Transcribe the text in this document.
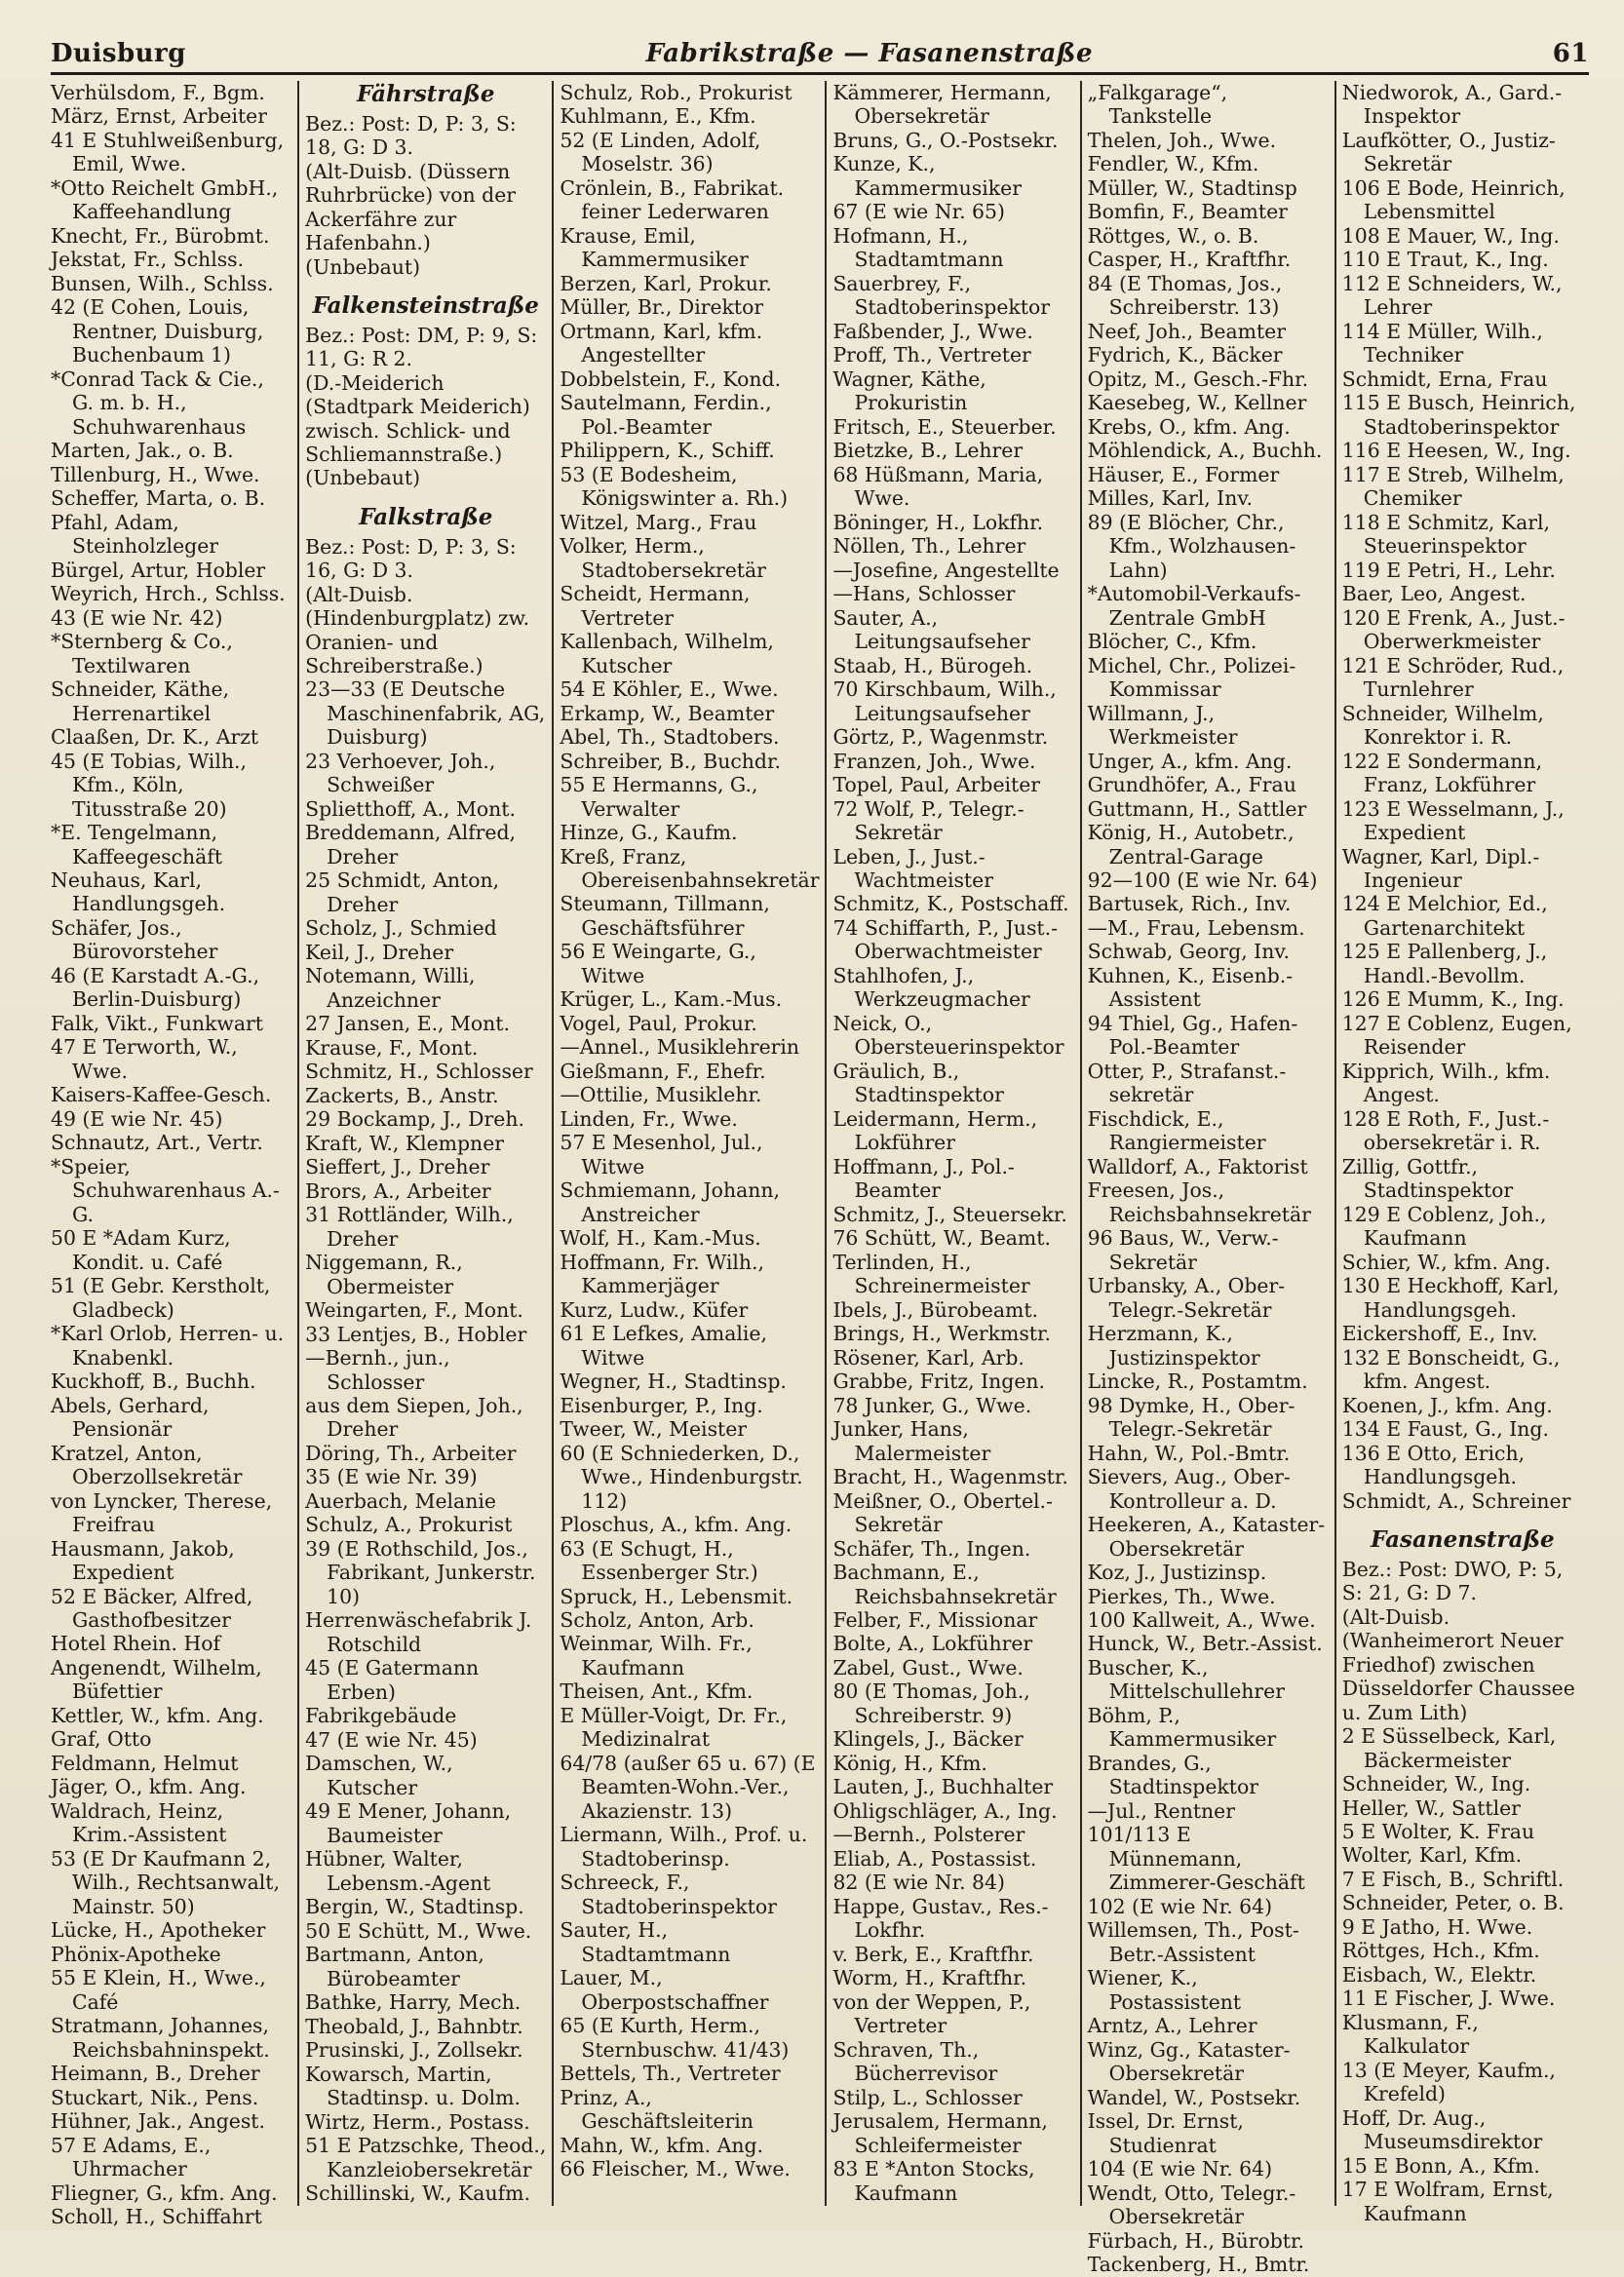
Duisburg	Fabrikstraße — Fasanenstraße	61
Verhülsdom, F., Bgm.
März, Ernst, Arbeiter
41 E Stuhlweißenburg, Emil, Wwe.
*Otto Reichelt GmbH., Kaffeehandlung
Knecht, Fr., Bürobmt.
Jekstat, Fr., Schlss.
Bunsen, Wilh., Schlss.
42 (E Cohen, Louis, Rentner, Duisburg, Buchenbaum 1)
*Conrad Tack & Cie., G. m. b. H., Schuhwarenhaus
Marten, Jak., o. B.
Tillenburg, H., Wwe.
Scheffer, Marta, o. B.
Pfahl, Adam, Steinholzleger
Bürgel, Artur, Hobler
Weyrich, Hrch., Schlss.
43 (E wie Nr. 42)
*Sternberg & Co., Textilwaren
Schneider, Käthe, Herrenartikel
Claaßen, Dr. K., Arzt
45 (E Tobias, Wilh., Kfm., Köln, Titusstraße 20)
*E. Tengelmann, Kaffeegeschäft
Neuhaus, Karl, Handlungsgeh.
Schäfer, Jos., Bürovorsteher
46 (E Karstadt A.-G., Berlin-Duisburg)
Falk, Vikt., Funkwart
47 E Terworth, W., Wwe.
Kaisers-Kaffee-Gesch.
49 (E wie Nr. 45)
Schnautz, Art., Vertr.
*Speier, Schuhwarenhaus A.-G.
50 E *Adam Kurz, Kondit. u. Café
51 (E Gebr. Kerstholt, Gladbeck)
*Karl Orlob, Herren- u. Knabenkl.
Kuckhoff, B., Buchh.
Abels, Gerhard, Pensionär
Kratzel, Anton, Oberzollsekretär
von Lyncker, Therese, Freifrau
Hausmann, Jakob, Expedient
52 E Bäcker, Alfred, Gasthofbesitzer
Hotel Rhein. Hof
Angenendt, Wilhelm, Büfettier
Kettler, W., kfm. Ang.
Graf, Otto
Feldmann, Helmut
Jäger, O., kfm. Ang.
Waldrach, Heinz, Krim.-Assistent
53 (E Dr Kaufmann 2, Wilh., Rechtsanwalt, Mainstr. 50)
Lücke, H., Apotheker
Phönix-Apotheke
55 E Klein, H., Wwe., Café
Stratmann, Johannes, Reichsbahninspekt.
Heimann, B., Dreher
Stuckart, Nik., Pens.
Hühner, Jak., Angest.
57 E Adams, E., Uhrmacher
Fliegner, G., kfm. Ang.
Scholl, H., Schiffahrt
Fährstraße
Bez.: Post: D, P: 3, S: 18, G: D 3.
(Alt-Duisb. (Düssern Ruhrbrücke) von der Ackerfähre zur Hafenbahn.)
(Unbebaut)
Falkensteinstraße
Bez.: Post: DM, P: 9, S: 11, G: R 2.
(D.-Meiderich (Stadtpark Meiderich) zwisch. Schlick- und Schliemannstraße.)
(Unbebaut)
Falkstraße
Bez.: Post: D, P: 3, S: 16, G: D 3.
(Alt-Duisb. (Hindenburgplatz) zw. Oranien- und Schreiberstraße.)
23—33 (E Deutsche Maschinenfabrik, AG, Duisburg)
23 Verhoever, Joh., Schweißer
Splietthoff, A., Mont.
Breddemann, Alfred, Dreher
25 Schmidt, Anton, Dreher
Scholz, J., Schmied
Keil, J., Dreher
Notemann, Willi, Anzeichner
27 Jansen, E., Mont.
Krause, F., Mont.
Schmitz, H., Schlosser
Zackerts, B., Anstr.
29 Bockamp, J., Dreh.
Kraft, W., Klempner
Sieffert, J., Dreher
Brors, A., Arbeiter
31 Rottländer, Wilh., Dreher
Niggemann, R., Obermeister
Weingarten, F., Mont.
33 Lentjes, B., Hobler
—Bernh., jun., Schlosser
aus dem Siepen, Joh., Dreher
Döring, Th., Arbeiter
35 (E wie Nr. 39)
Auerbach, Melanie
Schulz, A., Prokurist
39 (E Rothschild, Jos., Fabrikant, Junkerstr. 10)
Herrenwäschefabrik J. Rotschild
45 (E Gatermann Erben)
Fabrikgebäude
47 (E wie Nr. 45)
Damschen, W., Kutscher
49 E Mener, Johann, Baumeister
Hübner, Walter, Lebensm.-Agent
Bergin, W., Stadtinsp.
50 E Schütt, M., Wwe.
Bartmann, Anton, Bürobeamter
Bathke, Harry, Mech.
Theobald, J., Bahnbtr.
Prusinski, J., Zollsekr.
Kowarsch, Martin, Stadtinsp. u. Dolm.
Wirtz, Herm., Postass.
51 E Patzschke, Theod., Kanzleiobersekretär
Schillinski, W., Kaufm.
Schulz, Rob., Prokurist
Kuhlmann, E., Kfm.
52 (E Linden, Adolf, Moselstr. 36)
Crönlein, B., Fabrikat. feiner Lederwaren
Krause, Emil, Kammermusiker
Berzen, Karl, Prokur.
Müller, Br., Direktor
Ortmann, Karl, kfm. Angestellter
Dobbelstein, F., Kond.
Sautelmann, Ferdin., Pol.-Beamter
Philippern, K., Schiff.
53 (E Bodesheim, Königswinter a. Rh.)
Witzel, Marg., Frau
Volker, Herm., Stadtobersekretär
Scheidt, Hermann, Vertreter
Kallenbach, Wilhelm, Kutscher
54 E Köhler, E., Wwe.
Erkamp, W., Beamter
Abel, Th., Stadtobers.
Schreiber, B., Buchdr.
55 E Hermanns, G., Verwalter
Hinze, G., Kaufm.
Kreß, Franz, Obereisenbahnsekretär
Steumann, Tillmann, Geschäftsführer
56 E Weingarte, G., Witwe
Krüger, L., Kam.-Mus.
Vogel, Paul, Prokur.
—Annel., Musiklehrerin
Gießmann, F., Ehefr.
—Ottilie, Musiklehr.
Linden, Fr., Wwe.
57 E Mesenhol, Jul., Witwe
Schmiemann, Johann, Anstreicher
Wolf, H., Kam.-Mus.
Hoffmann, Fr. Wilh., Kammerjäger
Kurz, Ludw., Küfer
61 E Lefkes, Amalie, Witwe
Wegner, H., Stadtinsp.
Eisenburger, P., Ing.
Tweer, W., Meister
60 (E Schniederken, D., Wwe., Hindenburgstr. 112)
Ploschus, A., kfm. Ang.
63 (E Schugt, H., Essenberger Str.)
Spruck, H., Lebensmit.
Scholz, Anton, Arb.
Weinmar, Wilh. Fr., Kaufmann
Theisen, Ant., Kfm.
E Müller-Voigt, Dr. Fr., Medizinalrat
64/78 (außer 65 u. 67) (E Beamten-Wohn.-Ver., Akazienstr. 13)
Liermann, Wilh., Prof. u. Stadtoberinsp.
Schreeck, F., Stadtoberinspektor
Sauter, H., Stadtamtmann
Lauer, M., Oberpostschaffner
65 (E Kurth, Herm., Sternbuschw. 41/43)
Bettels, Th., Vertreter
Prinz, A., Geschäftsleiterin
Mahn, W., kfm. Ang.
66 Fleischer, M., Wwe.
Kämmerer, Hermann, Obersekretär
Bruns, G., O.-Postsekr.
Kunze, K., Kammermusiker
67 (E wie Nr. 65)
Hofmann, H., Stadtamtmann
Sauerbrey, F., Stadtoberinspektor
Faßbender, J., Wwe.
Proff, Th., Vertreter
Wagner, Käthe, Prokuristin
Fritsch, E., Steuerber.
Bietzke, B., Lehrer
68 Hüßmann, Maria, Wwe.
Böninger, H., Lokfhr.
Nöllen, Th., Lehrer
—Josefine, Angestellte
—Hans, Schlosser
Sauter, A., Leitungsaufseher
Staab, H., Bürogeh.
70 Kirschbaum, Wilh., Leitungsaufseher
Görtz, P., Wagenmstr.
Franzen, Joh., Wwe.
Topel, Paul, Arbeiter
72 Wolf, P., Telegr.-Sekretär
Leben, J., Just.-Wachtmeister
Schmitz, K., Postschaff.
74 Schiffarth, P., Just.-Oberwachtmeister
Stahlhofen, J., Werkzeugmacher
Neick, O., Obersteuerinspektor
Gräulich, B., Stadtinspektor
Leidermann, Herm., Lokführer
Hoffmann, J., Pol.-Beamter
Schmitz, J., Steuersekr.
76 Schütt, W., Beamt.
Terlinden, H., Schreinermeister
Ibels, J., Bürobeamt.
Brings, H., Werkmstr.
Rösener, Karl, Arb.
Grabbe, Fritz, Ingen.
78 Junker, G., Wwe.
Junker, Hans, Malermeister
Bracht, H., Wagenmstr.
Meißner, O., Obertel.-Sekretär
Schäfer, Th., Ingen.
Bachmann, E., Reichsbahnsekretär
Felber, F., Missionar
Bolte, A., Lokführer
Zabel, Gust., Wwe.
80 (E Thomas, Joh., Schreiberstr. 9)
Klingels, J., Bäcker
König, H., Kfm.
Lauten, J., Buchhalter
Ohligschläger, A., Ing.
—Bernh., Polsterer
Eliab, A., Postassist.
82 (E wie Nr. 84)
Happe, Gustav., Res.-Lokfhr.
v. Berk, E., Kraftfhr.
Worm, H., Kraftfhr.
von der Weppen, P., Vertreter
Schraven, Th., Bücherrevisor
Stilp, L., Schlosser
Jerusalem, Hermann, Schleifermeister
83 E *Anton Stocks, Kaufmann
„Falkgarage“, Tankstelle
Thelen, Joh., Wwe.
Fendler, W., Kfm.
Müller, W., Stadtinsp
Bomfin, F., Beamter
Röttges, W., o. B.
Casper, H., Kraftfhr.
84 (E Thomas, Jos., Schreiberstr. 13)
Neef, Joh., Beamter
Fydrich, K., Bäcker
Opitz, M., Gesch.-Fhr.
Kaesebeg, W., Kellner
Krebs, O., kfm. Ang.
Möhlendick, A., Buchh.
Häuser, E., Former
Milles, Karl, Inv.
89 (E Blöcher, Chr., Kfm., Wolzhausen-Lahn)
*Automobil-Verkaufs-Zentrale GmbH
Blöcher, C., Kfm.
Michel, Chr., Polizei-Kommissar
Willmann, J., Werkmeister
Unger, A., kfm. Ang.
Grundhöfer, A., Frau
Guttmann, H., Sattler
König, H., Autobetr., Zentral-Garage
92—100 (E wie Nr. 64)
Bartusek, Rich., Inv.
—M., Frau, Lebensm.
Schwab, Georg, Inv.
Kuhnen, K., Eisenb.-Assistent
94 Thiel, Gg., Hafen-Pol.-Beamter
Otter, P., Strafanst.-sekretär
Fischdick, E., Rangiermeister
Walldorf, A., Faktorist
Freesen, Jos., Reichsbahnsekretär
96 Baus, W., Verw.-Sekretär
Urbansky, A., Ober-Telegr.-Sekretär
Herzmann, K., Justizinspektor
Lincke, R., Postamtm.
98 Dymke, H., Ober-Telegr.-Sekretär
Hahn, W., Pol.-Bmtr.
Sievers, Aug., Ober-Kontrolleur a. D.
Heekeren, A., Kataster-Obersekretär
Koz, J., Justizinsp.
Pierkes, Th., Wwe.
100 Kallweit, A., Wwe.
Hunck, W., Betr.-Assist.
Buscher, K., Mittelschullehrer
Böhm, P., Kammermusiker
Brandes, G., Stadtinspektor
—Jul., Rentner
101/113 E Münnemann, Zimmerer-Geschäft
102 (E wie Nr. 64)
Willemsen, Th., Post-Betr.-Assistent
Wiener, K., Postassistent
Arntz, A., Lehrer
Winz, Gg., Kataster-Obersekretär
Wandel, W., Postsekr.
Issel, Dr. Ernst, Studienrat
104 (E wie Nr. 64)
Wendt, Otto, Telegr.-Obersekretär
Fürbach, H., Bürobtr.
Tackenberg, H., Bmtr.
Niedworok, A., Gard.-Inspektor
Laufkötter, O., Justiz-Sekretär
106 E Bode, Heinrich, Lebensmittel
108 E Mauer, W., Ing.
110 E Traut, K., Ing.
112 E Schneiders, W., Lehrer
114 E Müller, Wilh., Techniker
Schmidt, Erna, Frau
115 E Busch, Heinrich, Stadtoberinspektor
116 E Heesen, W., Ing.
117 E Streb, Wilhelm, Chemiker
118 E Schmitz, Karl, Steuerinspektor
119 E Petri, H., Lehr.
Baer, Leo, Angest.
120 E Frenk, A., Just.-Oberwerkmeister
121 E Schröder, Rud., Turnlehrer
Schneider, Wilhelm, Konrektor i. R.
122 E Sondermann, Franz, Lokführer
123 E Wesselmann, J., Expedient
Wagner, Karl, Dipl.-Ingenieur
124 E Melchior, Ed., Gartenarchitekt
125 E Pallenberg, J., Handl.-Bevollm.
126 E Mumm, K., Ing.
127 E Coblenz, Eugen, Reisender
Kipprich, Wilh., kfm. Angest.
128 E Roth, F., Just.-obersekretär i. R.
Zillig, Gottfr., Stadtinspektor
129 E Coblenz, Joh., Kaufmann
Schier, W., kfm. Ang.
130 E Heckhoff, Karl, Handlungsgeh.
Eickershoff, E., Inv.
132 E Bonscheidt, G., kfm. Angest.
Koenen, J., kfm. Ang.
134 E Faust, G., Ing.
136 E Otto, Erich, Handlungsgeh.
Schmidt, A., Schreiner
Fasanenstraße
Bez.: Post: DWO, P: 5, S: 21, G: D 7.
(Alt-Duisb. (Wanheimerort Neuer Friedhof) zwischen Düsseldorfer Chaussee u. Zum Lith)
2 E Süsselbeck, Karl, Bäckermeister
Schneider, W., Ing.
Heller, W., Sattler
5 E Wolter, K. Frau
Wolter, Karl, Kfm.
7 E Fisch, B., Schriftl.
Schneider, Peter, o. B.
9 E Jatho, H. Wwe.
Röttges, Hch., Kfm.
Eisbach, W., Elektr.
11 E Fischer, J. Wwe.
Klusmann, F., Kalkulator
13 (E Meyer, Kaufm., Krefeld)
Hoff, Dr. Aug., Museumsdirektor
15 E Bonn, A., Kfm.
17 E Wolfram, Ernst, Kaufmann
